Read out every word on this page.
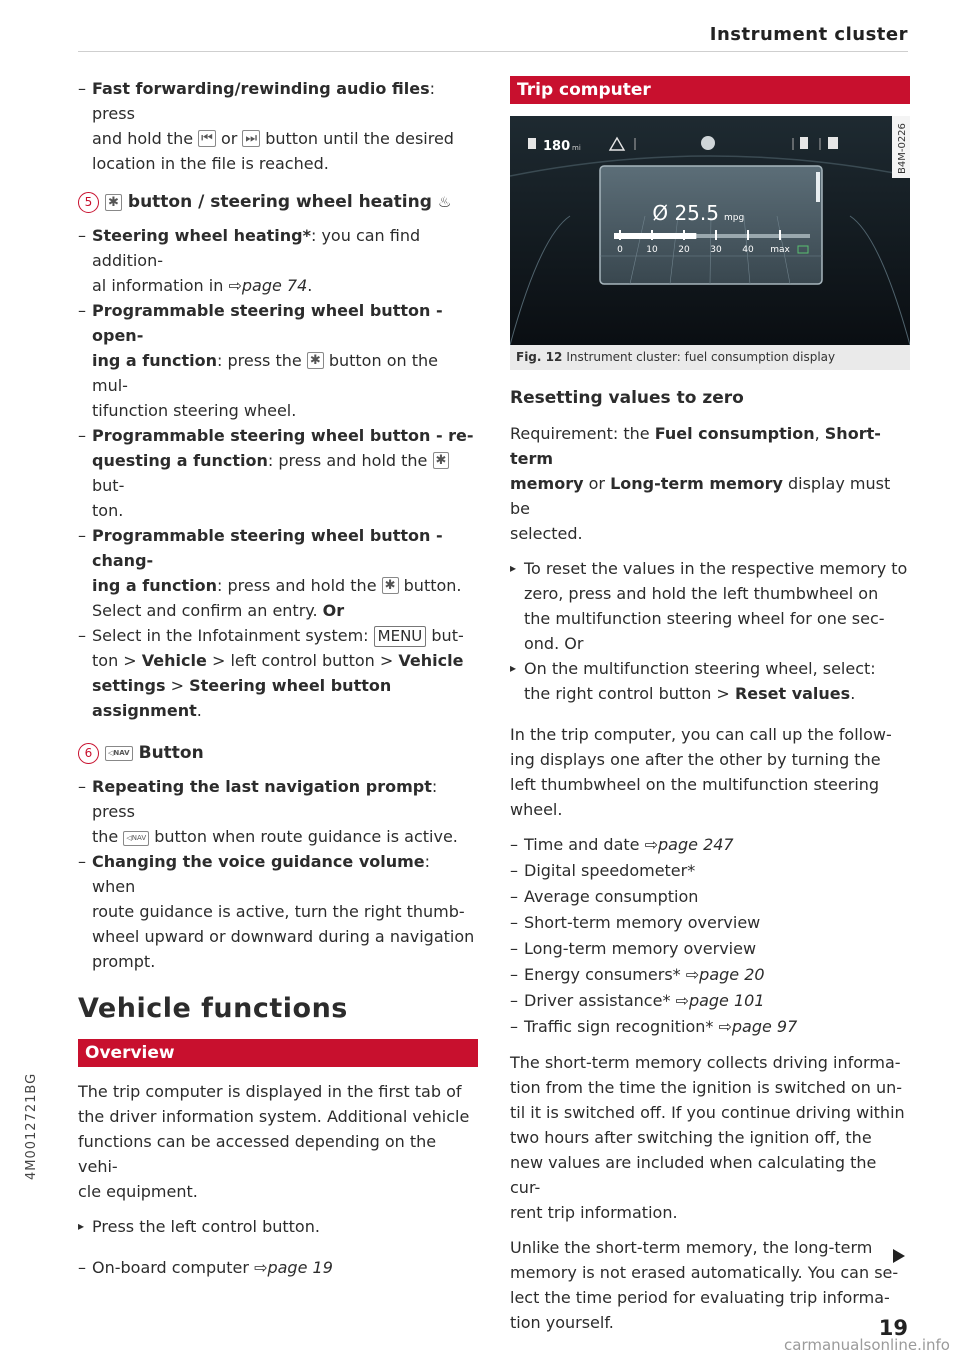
Instrument cluster

– Fast forwarding/rewinding audio files: press
and hold the ⏮ or ⏭ button until the desired
location in the file is reached.

5	✱ button / steering wheel heating ♨

– Steering wheel heating*: you can find addition-
al information in ⇨page 74.

– Programmable steering wheel button - open-
ing a function: press the ✱ button on the mul-
tifunction steering wheel.

– Programmable steering wheel button - re-
questing a function: press and hold the ✱ but-
ton.

– Programmable steering wheel button - chang-
ing a function: press and hold the ✱ button.
Select and confirm an entry. Or

– Select in the Infotainment system: MENU but-
ton > Vehicle > left control button > Vehicle
settings > Steering wheel button assignment.

6	◁NAV Button

– Repeating the last navigation prompt: press
the ◁NAV button when route guidance is active.

– Changing the voice guidance volume: when
route guidance is active, turn the right thumb-
wheel upward or downward during a navigation
prompt.

Vehicle functions
Overview

The trip computer is displayed in the first tab of
the driver information system. Additional vehicle
functions can be accessed depending on the vehi-
cle equipment.

▸ Press the left control button.

– On-board computer ⇨page 19

Trip computer
0	10 20 30 40 max
Ø 25.5 mpg
180 mi	B4M-0226
Fig. 12 Instrument cluster: fuel consumption display
Resetting values to zero

Requirement: the Fuel consumption, Short-term
memory or Long-term memory display must be
selected.

▸ To reset the values in the respective memory to
zero, press and hold the left thumbwheel on
the multifunction steering wheel for one sec-
ond. Or

▸ On the multifunction steering wheel, select:
the right control button > Reset values.

In the trip computer, you can call up the follow-
ing displays one after the other by turning the
left thumbwheel on the multifunction steering
wheel.

– Time and date ⇨page 247

– Digital speedometer*

– Average consumption

– Short-term memory overview

– Long-term memory overview

– Energy consumers* ⇨page 20

– Driver assistance* ⇨page 101

– Traffic sign recognition* ⇨page 97

The short-term memory collects driving informa-
tion from the time the ignition is switched on un-
til it is switched off. If you continue driving within
two hours after switching the ignition off, the
new values are included when calculating the cur-
rent trip information.

Unlike the short-term memory, the long-term
memory is not erased automatically. You can se-
lect the time period for evaluating trip informa-
tion yourself.

4M0012721BG
19
carmanualsonline.info
